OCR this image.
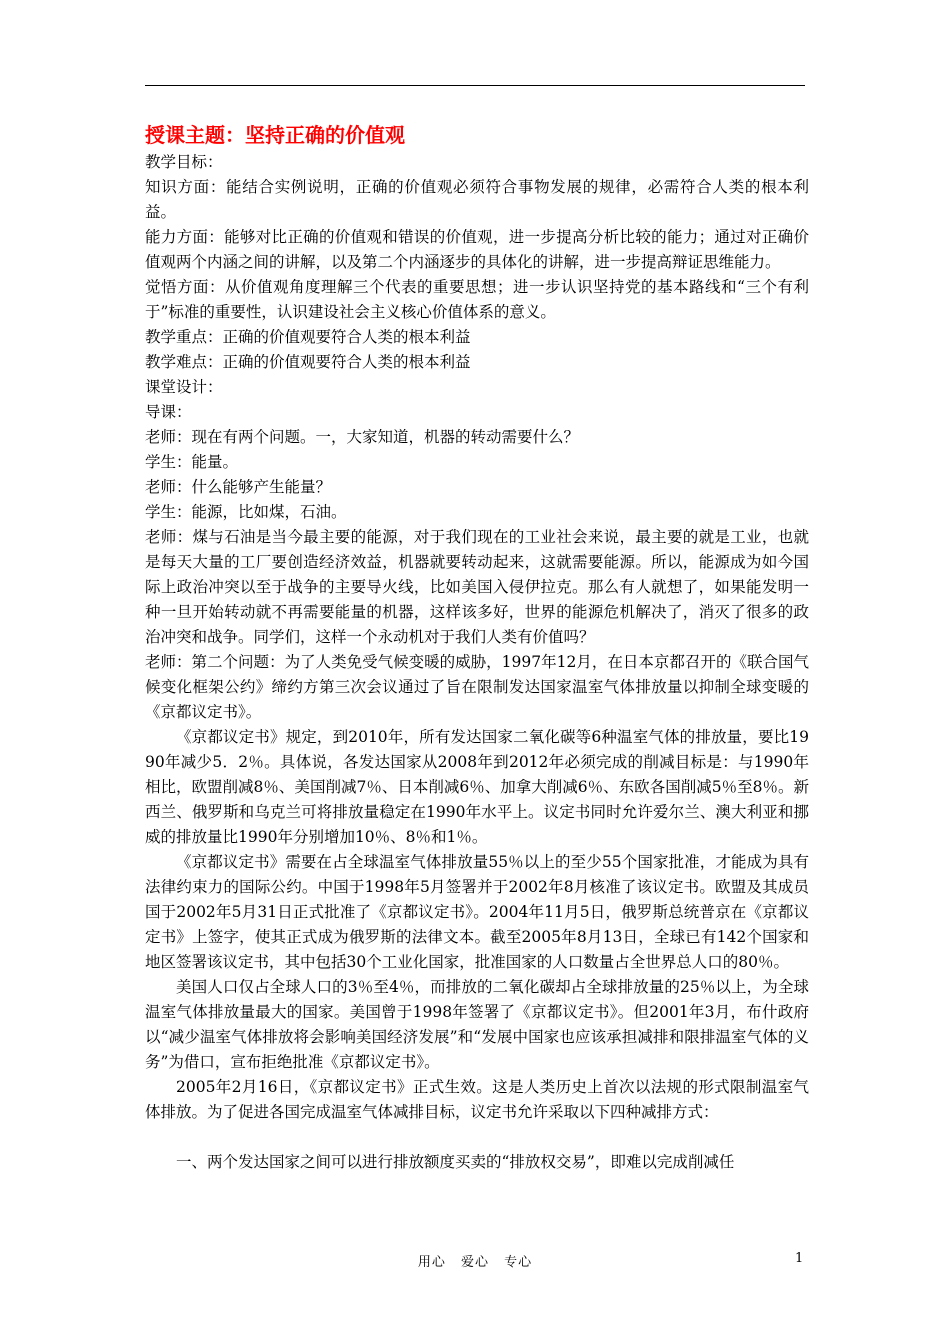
授课主题：坚持正确的价值观

教学目标：

知识方面：能结合实例说明，正确的价值观必须符合事物发展的规律，必需符合人类的根本利益。

能力方面：能够对比正确的价值观和错误的价值观，进一步提高分析比较的能力；通过对正确价值观两个内涵之间的讲解，以及第二个内涵逐步的具体化的讲解，进一步提高辩证思维能力。

觉悟方面：从价值观角度理解三个代表的重要思想；进一步认识坚持党的基本路线和“三个有利于”标准的重要性，认识建设社会主义核心价值体系的意义。

教学重点：正确的价值观要符合人类的根本利益

教学难点：正确的价值观要符合人类的根本利益

课堂设计：

导课：

老师：现在有两个问题。一，大家知道，机器的转动需要什么？

学生：能量。

老师：什么能够产生能量？

学生：能源，比如煤，石油。

老师：煤与石油是当今最主要的能源，对于我们现在的工业社会来说，最主要的就是工业，也就是每天大量的工厂要创造经济效益，机器就要转动起来，这就需要能源。所以，能源成为如今国际上政治冲突以至于战争的主要导火线，比如美国入侵伊拉克。那么有人就想了，如果能发明一种一旦开始转动就不再需要能量的机器，这样该多好，世界的能源危机解决了，消灭了很多的政治冲突和战争。同学们，这样一个永动机对于我们人类有价值吗？

老师：第二个问题：为了人类免受气候变暖的威胁，1997年12月，在日本京都召开的《联合国气候变化框架公约》缔约方第三次会议通过了旨在限制发达国家温室气体排放量以抑制全球变暖的《京都议定书》。

《京都议定书》规定，到2010年，所有发达国家二氧化碳等6种温室气体的排放量，要比1990年减少5．2％。具体说，各发达国家从2008年到2012年必须完成的削减目标是：与1990年相比，欧盟削减8％、美国削减7％、日本削减6％、加拿大削减6％、东欧各国削减5％至8％。新西兰、俄罗斯和乌克兰可将排放量稳定在1990年水平上。议定书同时允许爱尔兰、澳大利亚和挪威的排放量比1990年分别增加10％、8％和1％。

《京都议定书》需要在占全球温室气体排放量55％以上的至少55个国家批准，才能成为具有法律约束力的国际公约。中国于1998年5月签署并于2002年8月核准了该议定书。欧盟及其成员国于2002年5月31日正式批准了《京都议定书》。2004年11月5日，俄罗斯总统普京在《京都议定书》上签字，使其正式成为俄罗斯的法律文本。截至2005年8月13日，全球已有142个国家和地区签署该议定书，其中包括30个工业化国家，批准国家的人口数量占全世界总人口的80％。

美国人口仅占全球人口的3％至4％，而排放的二氧化碳却占全球排放量的25％以上，为全球温室气体排放量最大的国家。美国曾于1998年签署了《京都议定书》。但2001年3月，布什政府以“减少温室气体排放将会影响美国经济发展”和“发展中国家也应该承担减排和限排温室气体的义务”为借口，宣布拒绝批准《京都议定书》。

2005年2月16日，《京都议定书》正式生效。这是人类历史上首次以法规的形式限制温室气体排放。为了促进各国完成温室气体减排目标，议定书允许采取以下四种减排方式：

一、两个发达国家之间可以进行排放额度买卖的“排放权交易”，即难以完成削减任

用心 爱心 专心	1
